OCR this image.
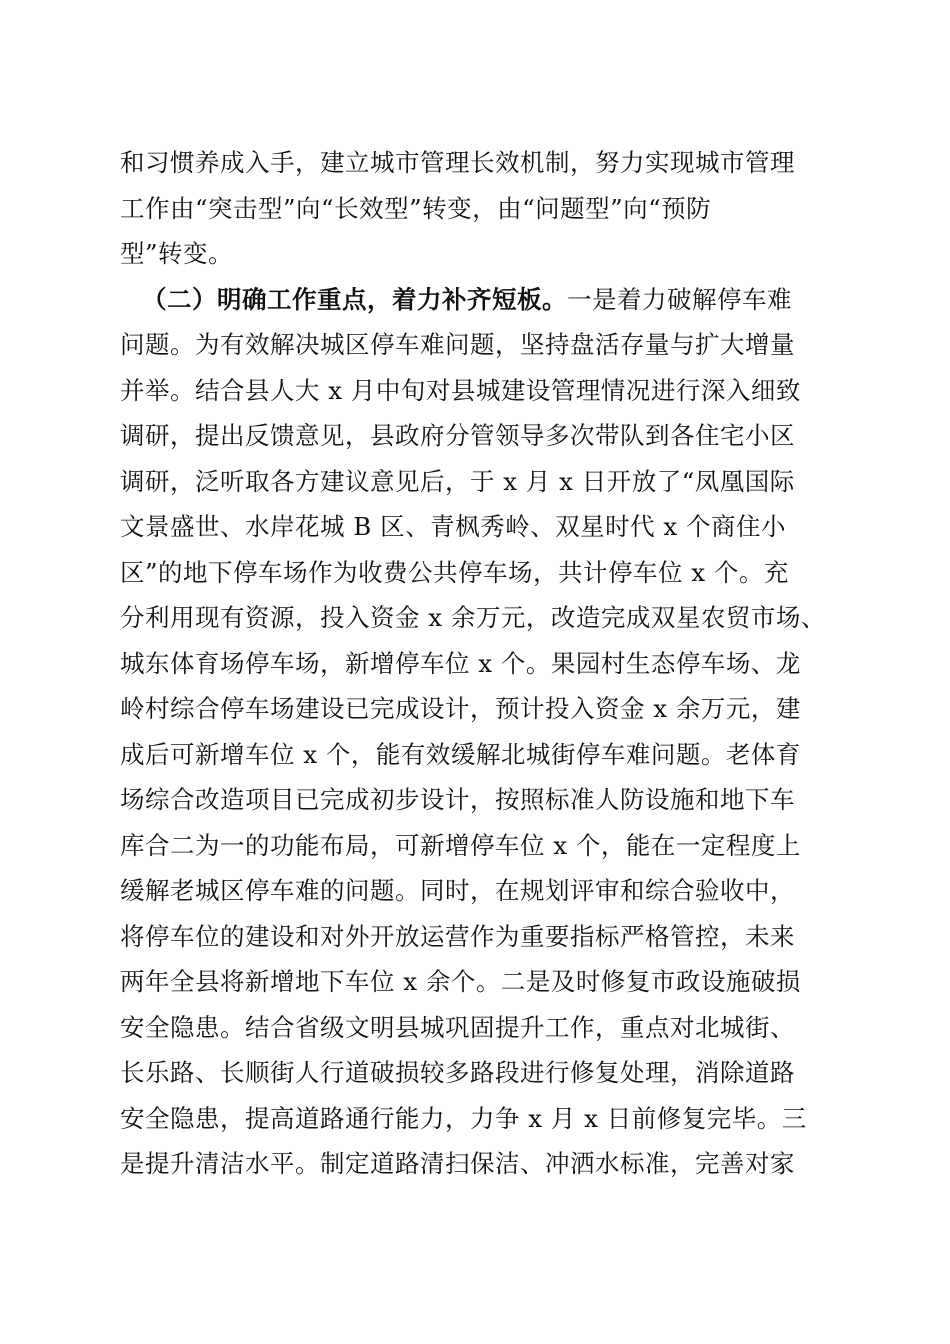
和习惯养成入手，建立城市管理长效机制，努力实现城市管理
工作由“突击型”向“长效型”转变，由“问题型”向“预防
型”转变。
（二）明确工作重点，着力补齐短板。一是着力破解停车难
问题。为有效解决城区停车难问题，坚持盘活存量与扩大增量
并举。结合县人大 x 月中旬对县城建设管理情况进行深入细致
调研，提出反馈意见，县政府分管领导多次带队到各住宅小区
调研，泛听取各方建议意见后，于 x 月 x 日开放了“凤凰国际
文景盛世、水岸花城 B 区、青枫秀岭、双星时代 x 个商住小
区”的地下停车场作为收费公共停车场，共计停车位 x 个。充
分利用现有资源，投入资金 x 余万元，改造完成双星农贸市场、
城东体育场停车场，新增停车位 x 个。果园村生态停车场、龙
岭村综合停车场建设已完成设计，预计投入资金 x 余万元，建
成后可新增车位 x 个，能有效缓解北城街停车难问题。老体育
场综合改造项目已完成初步设计，按照标准人防设施和地下车
库合二为一的功能布局，可新增停车位 x 个，能在一定程度上
缓解老城区停车难的问题。同时，在规划评审和综合验收中，
将停车位的建设和对外开放运营作为重要指标严格管控，未来
两年全县将新增地下车位 x 余个。二是及时修复市政设施破损
安全隐患。结合省级文明县城巩固提升工作，重点对北城街、
长乐路、长顺街人行道破损较多路段进行修复处理，消除道路
安全隐患，提高道路通行能力，力争 x 月 x 日前修复完毕。三
是提升清洁水平。制定道路清扫保洁、冲洒水标准，完善对家
